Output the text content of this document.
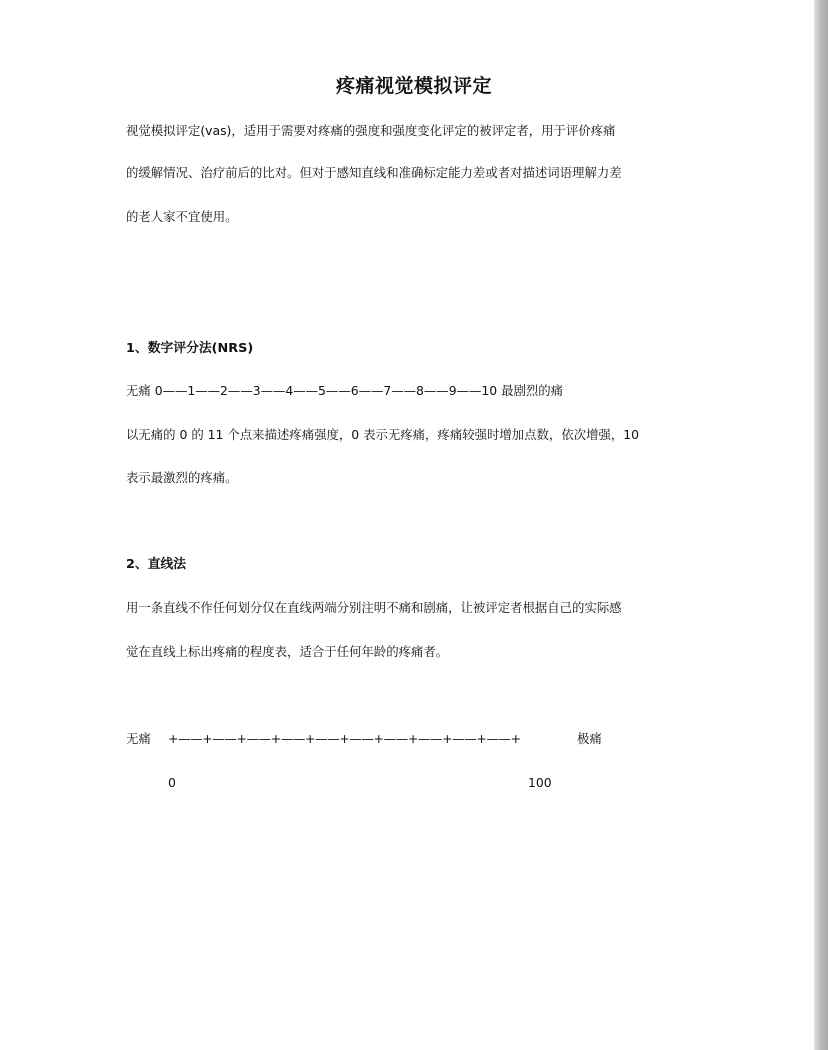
疼痛视觉模拟评定
视觉模拟评定(vas)，适用于需要对疼痛的强度和强度变化评定的被评定者，用于评价疼痛
的缓解情况、治疗前后的比对。但对于感知直线和准确标定能力差或者对描述词语理解力差
的老人家不宜使用。
1、数字评分法(NRS)
无痛 0——1——2——3——4——5——6——7——8——9——10 最剧烈的痛
以无痛的 0 的 11 个点来描述疼痛强度，0 表示无疼痛，疼痛较强时增加点数，依次增强，10
表示最激烈的疼痛。
2、直线法
用一条直线不作任何划分仅在直线两端分别注明不痛和剧痛，让被评定者根据自己的实际感
觉在直线上标出疼痛的程度表，适合于任何年龄的疼痛者。
无痛 +——+——+——+——+——+——+——+——+——+——+	极痛
0	100
